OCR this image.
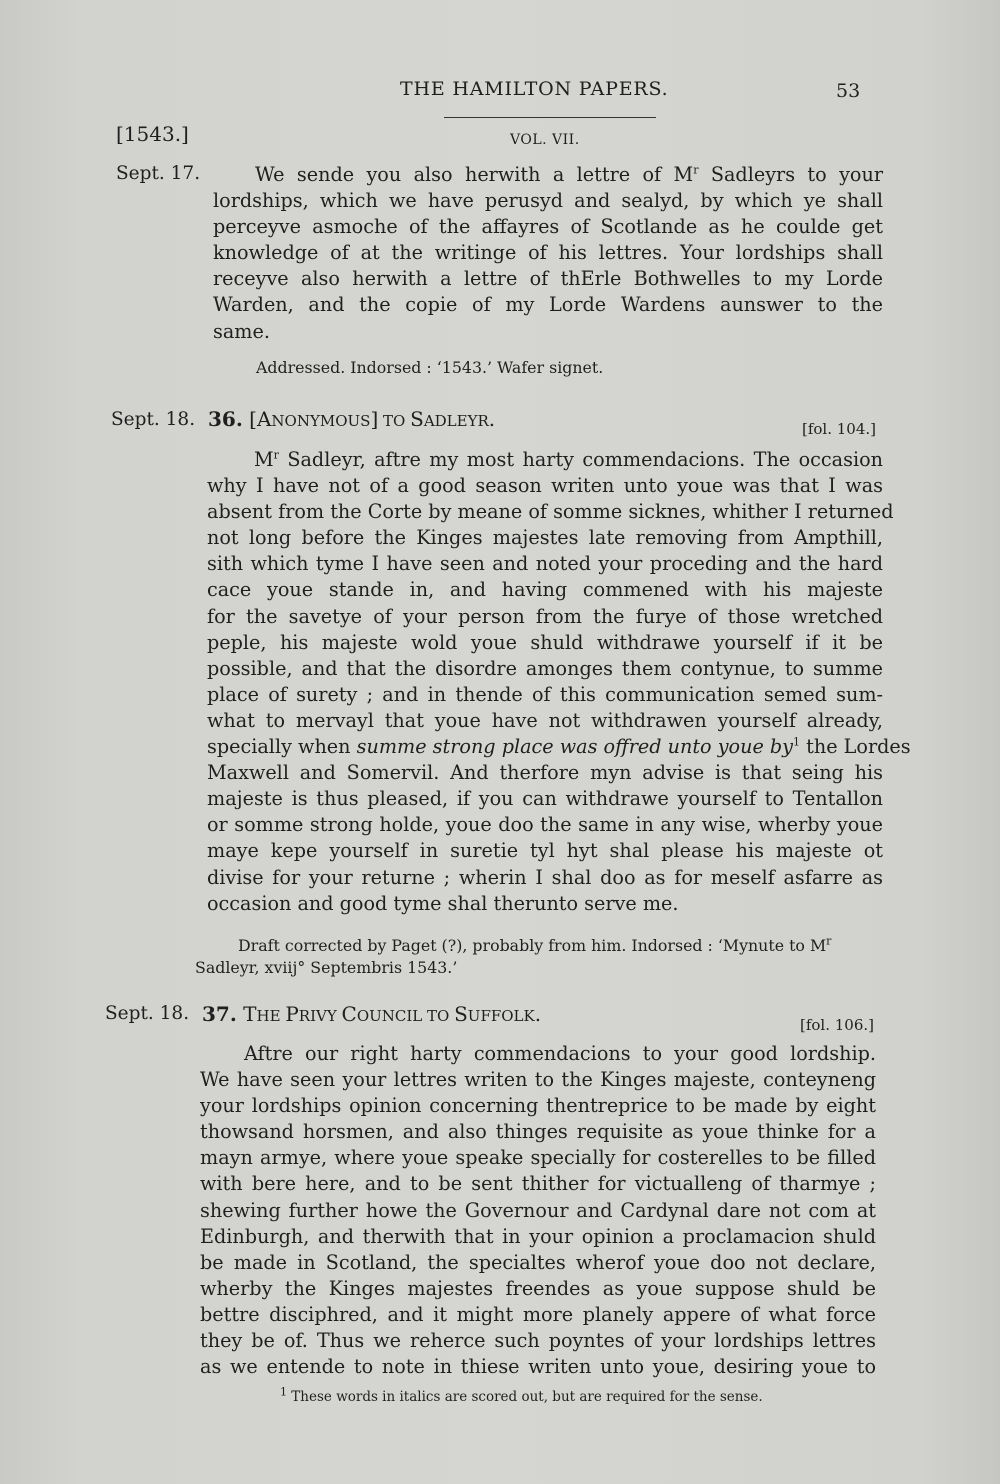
THE HAMILTON PAPERS.	53
[1543.]	VOL. VII.
Sept. 17.	We sende you also herwith a lettre of $M^r$ Sadleyrs to your
lordships, which we have perusyd and sealyd, by which ye shall
perceyve asmoche of the affayres of Scotlande as he coulde get
knowledge of at the writinge of his lettres. Your lordships shall
receyve also herwith a lettre of thErle Bothwelles to my Lorde
Warden, and the copie of my Lorde Wardens aunswer to the
same.
Addressed. Indorsed : ‘1543.’ Wafer signet.
Sept. 18. 36. [ANONYMOUS] TO SADLEYR.	[fol. 104.]
$M^r$ Sadleyr, aftre my most harty commendacions. The occasion
why I have not of a good season writen unto youe was that I was
absent from the Corte by meane of somme sicknes, whither I returned
not long before the Kinges majestes late removing from Ampthill,
sith which tyme I have seen and noted your proceding and the hard
cace youe stande in, and having commened with his majeste
for the savetye of your person from the furye of those wretched
peple, his majeste wold youe shuld withdrawe yourself if it be
possible, and that the disordre amonges them contynue, to summe
place of surety ; and in thende of this communication semed sum-
what to mervayl that youe have not withdrawen yourself already,
specially when summe strong place was offred unto youe $by^1$ the Lordes
Maxwell and Somervil. And therfore myn advise is that seing his
majeste is thus pleased, if you can withdrawe yourself to Tentallon
or somme strong holde, youe doo the same in any wise, wherby youe
maye kepe yourself in suretie tyl hyt shal please his majeste ot
divise for your returne ; wherin I shal doo as for meself asfarre as
occasion and good tyme shal therunto serve me.
Draft corrected by Paget (?), probably from him. Indorsed : ‘Mynute to $M^r$
Sadleyr, xviij° Septembris 1543.’
Sept. 18. 37. THE PRIVY COUNCIL TO SUFFOLK.	[fol. 106.]
Aftre our right harty commendacions to your good lordship.
We have seen your lettres writen to the Kinges majeste, conteyneng
your lordships opinion concerning thentreprice to be made by eight
thowsand horsmen, and also thinges requisite as youe thinke for a
mayn armye, where youe speake specially for costerelles to be filled
with bere here, and to be sent thither for victualleng of tharmye ;
shewing further howe the Governour and Cardynal dare not com at
Edinburgh, and therwith that in your opinion a proclamacion shuld
be made in Scotland, the specialtes wherof youe doo not declare,
wherby the Kinges majestes freendes as youe suppose shuld be
bettre disciphred, and it might more planely appere of what force
they be of. Thus we reherce such poyntes of your lordships lettres
as we entende to note in thiese writen unto youe, desiring youe to
$^1$ These words in italics are scored out, but are required for the sense.
